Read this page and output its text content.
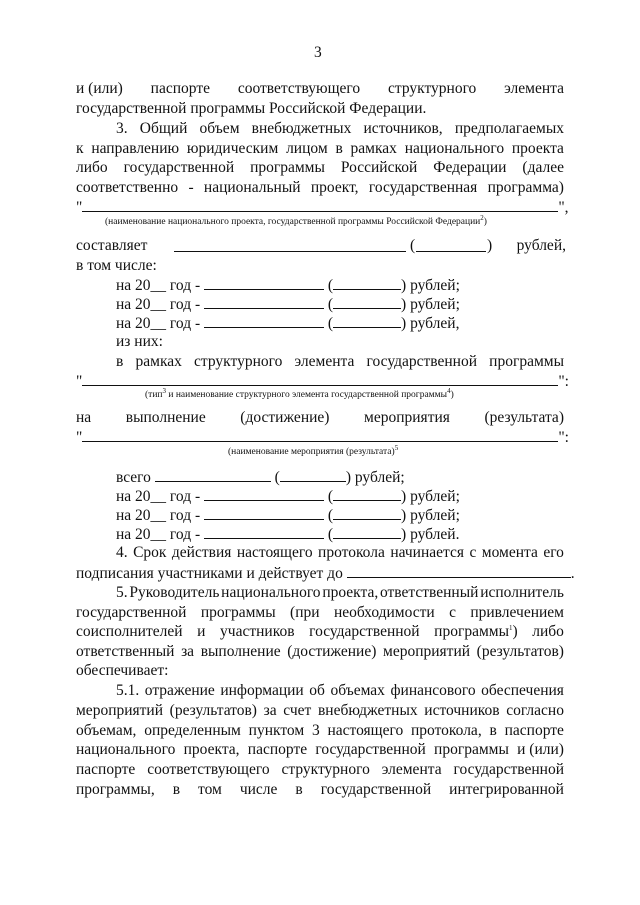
3
и (или) паспорте соответствующего структурного элемента
государственной программы Российской Федерации.
3. Общий объем внебюджетных источников, предполагаемых
к направлению юридическим лицом в рамках национального проекта
либо государственной программы Российской Федерации (далее
соответственно - национальный проект, государственная программа)
"	",
(наименование национального проекта, государственной программы Российской Федерации$^2$)
составляет	(	) рублей,
в том числе:
на 20__ год -	(	) рублей;
на 20__ год -	(	) рублей;
на 20__ год -	(	) рублей,
из них:
в рамках структурного элемента государственной программы
"	":
(тип$^3$ и наименование структурного элемента государственной программы$^4$)
на выполнение (достижение) мероприятия (результата)
"	":
(наименование мероприятия (результата)$^5$
всего	(	) рублей;
на 20__ год -	(	) рублей;
на 20__ год -	(	) рублей;
на 20__ год -	(	) рублей.
4. Срок действия настоящего протокола начинается с момента его
подписания участниками и действует до	.
5. Руководитель национального проекта, ответственный исполнитель
государственной программы (при необходимости с привлечением
соисполнителей и участников государственной программы$^1$) либо
ответственный за выполнение (достижение) мероприятий (результатов)
обеспечивает:
5.1. отражение информации об объемах финансового обеспечения
мероприятий (результатов) за счет внебюджетных источников согласно
объемам, определенным пунктом 3 настоящего протокола, в паспорте
национального проекта, паспорте государственной программы и (или)
паспорте соответствующего структурного элемента государственной
программы, в том числе в государственной интегрированной
